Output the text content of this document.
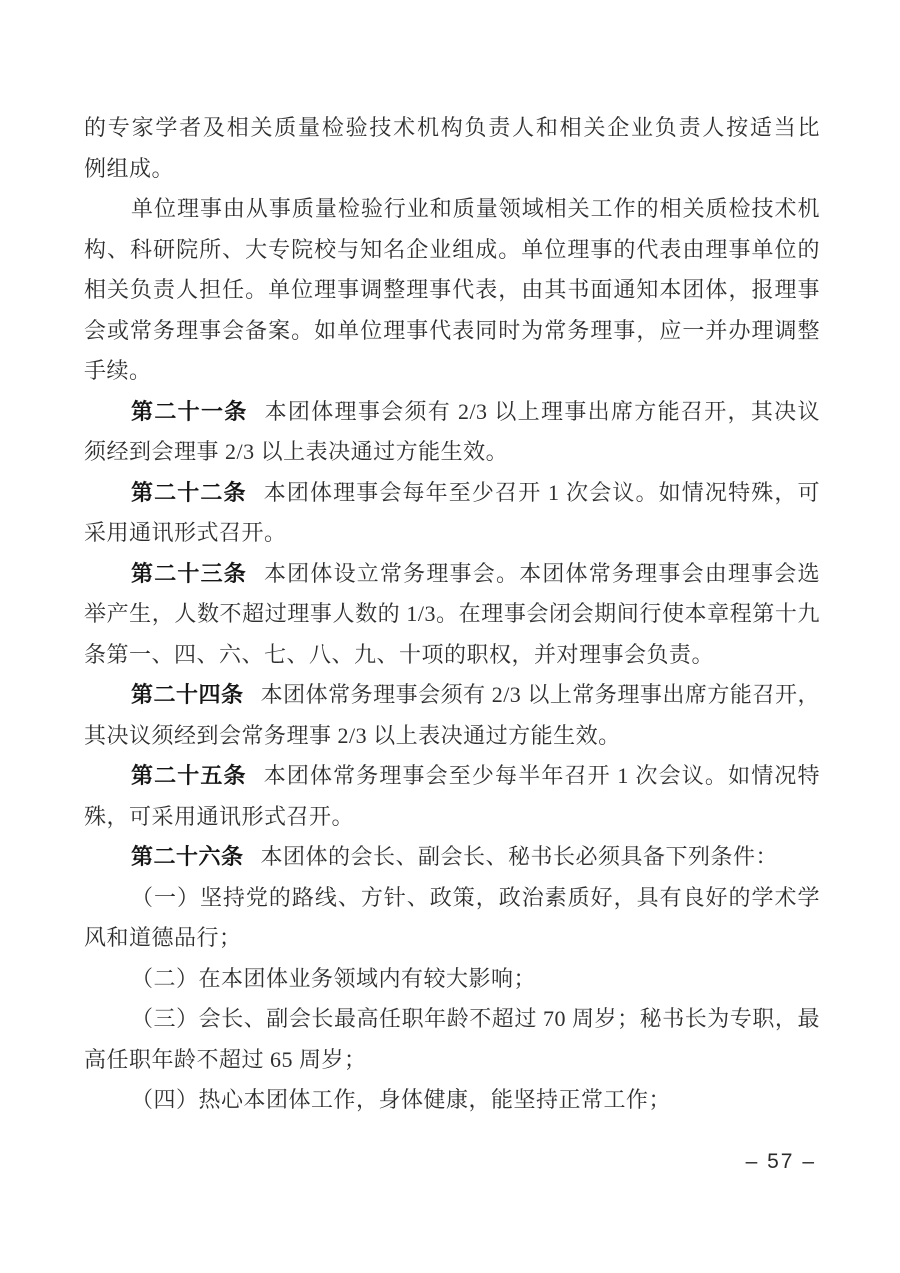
的专家学者及相关质量检验技术机构负责人和相关企业负责人按适当比
例组成。
单位理事由从事质量检验行业和质量领域相关工作的相关质检技术机
构、科研院所、大专院校与知名企业组成。单位理事的代表由理事单位的
相关负责人担任。单位理事调整理事代表，由其书面通知本团体，报理事
会或常务理事会备案。如单位理事代表同时为常务理事，应一并办理调整
手续。
第二十一条 本团体理事会须有 2/3 以上理事出席方能召开，其决议
须经到会理事 2/3 以上表决通过方能生效。
第二十二条 本团体理事会每年至少召开 1 次会议。如情况特殊，可
采用通讯形式召开。
第二十三条 本团体设立常务理事会。本团体常务理事会由理事会选
举产生，人数不超过理事人数的 1/3。在理事会闭会期间行使本章程第十九
条第一、四、六、七、八、九、十项的职权，并对理事会负责。
第二十四条 本团体常务理事会须有 2/3 以上常务理事出席方能召开，
其决议须经到会常务理事 2/3 以上表决通过方能生效。
第二十五条 本团体常务理事会至少每半年召开 1 次会议。如情况特
殊，可采用通讯形式召开。
第二十六条 本团体的会长、副会长、秘书长必须具备下列条件：
（一）坚持党的路线、方针、政策，政治素质好，具有良好的学术学
风和道德品行；
（二）在本团体业务领域内有较大影响；
（三）会长、副会长最高任职年龄不超过 70 周岁；秘书长为专职，最
高任职年龄不超过 65 周岁；
（四）热心本团体工作，身体健康，能坚持正常工作；
– 57 –
